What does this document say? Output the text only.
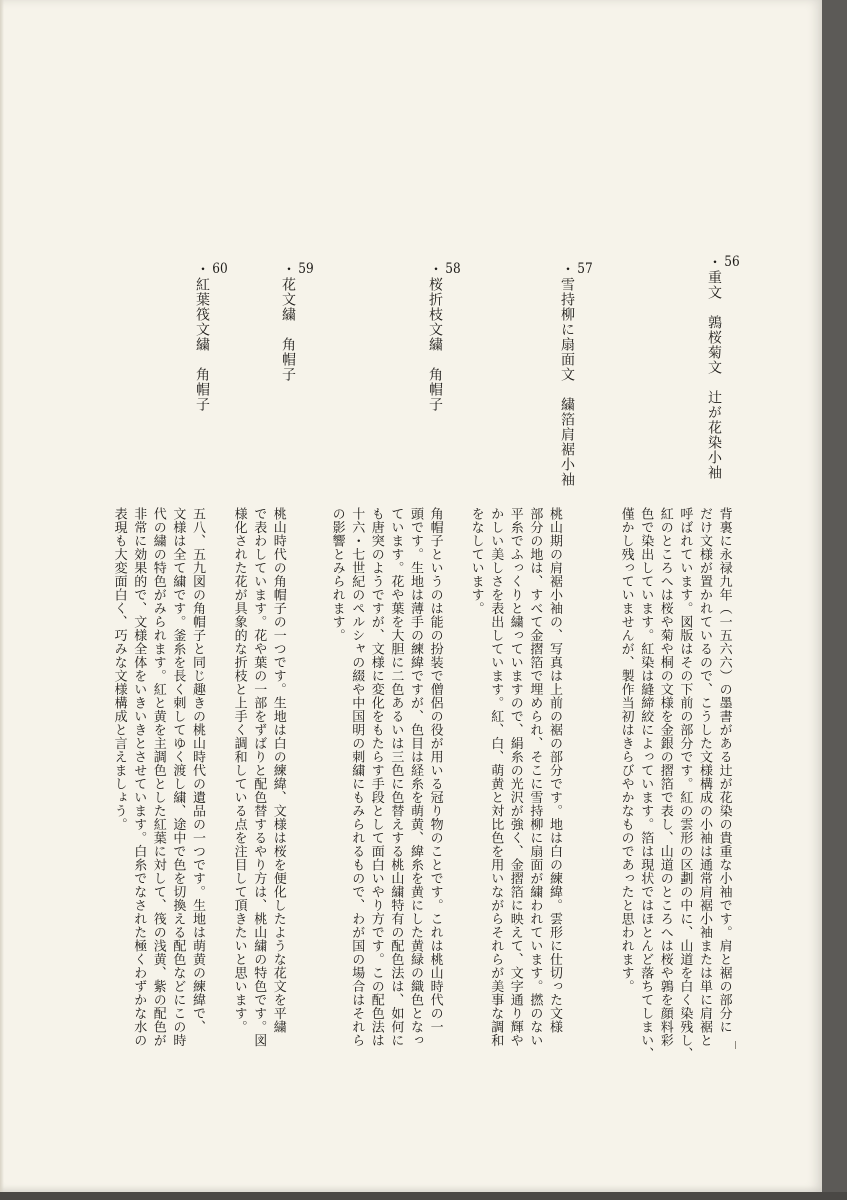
56
・重文　鶉桜菊文　辻が花染小袖
57
・雪持柳に扇面文　繍箔肩裾小袖
58
・桜折枝文繍　角帽子
59
・花文繍　角帽子
60
・紅葉筏文繍　角帽子
背裏に永禄九年（一五六六）の墨書がある辻が花染の貴重な小袖です。肩と裾の部分に
だけ文様が置かれているので、こうした文様構成の小袖は通常肩裾小袖または単に肩裾と
呼ばれています。図版はその下前の部分です。紅の雲形の区劃の中に、山道を白く染残し、
紅のところへは桜や菊や桐の文様を金銀の摺箔で表し、山道のところへは桜や鶉を顔料彩
色で染出しています。紅染は縫締絞によっています。箔は現状ではほとんど落ちてしまい、
僅かし残っていませんが、製作当初はきらびやかなものであったと思われます。
桃山期の肩裾小袖の、写真は上前の裾の部分です。地は白の練緯。雲形に仕切った文様
部分の地は、すべて金摺箔で埋められ、そこに雪持柳に扇面が繍われています。撚のない
平糸でふっくりと繍っていますので、絹糸の光沢が強く、金摺箔に映えて、文字通り輝や
かしい美しさを表出しています。紅、白、萌黄と対比色を用いながらそれらが美事な調和
をなしています。
角帽子というのは能の扮装で僧侶の役が用いる冠り物のことです。これは桃山時代の一
頭です。生地は薄手の練緯ですが、色目は経糸を萌黄、緯糸を黄にした黄緑の織色となっ
ています。花や葉を大胆に二色あるいは三色に色替えする桃山繍特有の配色法は、如何に
も唐突のようですが、文様に変化をもたらす手段として面白いやり方です。この配色法は
十六・七世紀のペルシャの綴や中国明の刺繍にもみられるもので、わが国の場合はそれら
の影響とみられます。
桃山時代の角帽子の一つです。生地は白の練緯、文様は桜を便化したような花文を平繍
で表わしています。花や葉の一部をずばりと配色替するやり方は、桃山繍の特色です。図
様化された花が具象的な折枝と上手く調和している点を注目して頂きたいと思います。
五八、五九図の角帽子と同じ趣きの桃山時代の遺品の一つです。生地は萌黄の練緯で、
文様は全て繍です。釜糸を長く刺してゆく渡し繍、途中で色を切換える配色などにこの時
代の繍の特色がみられます。紅と黄を主調色とした紅葉に対して、筏の浅黄、紫の配色が
非常に効果的で、文様全体をいきいきとさせています。白糸でなされた極くわずかな水の
表現も大変面白く、巧みな文様構成と言えましょう。
